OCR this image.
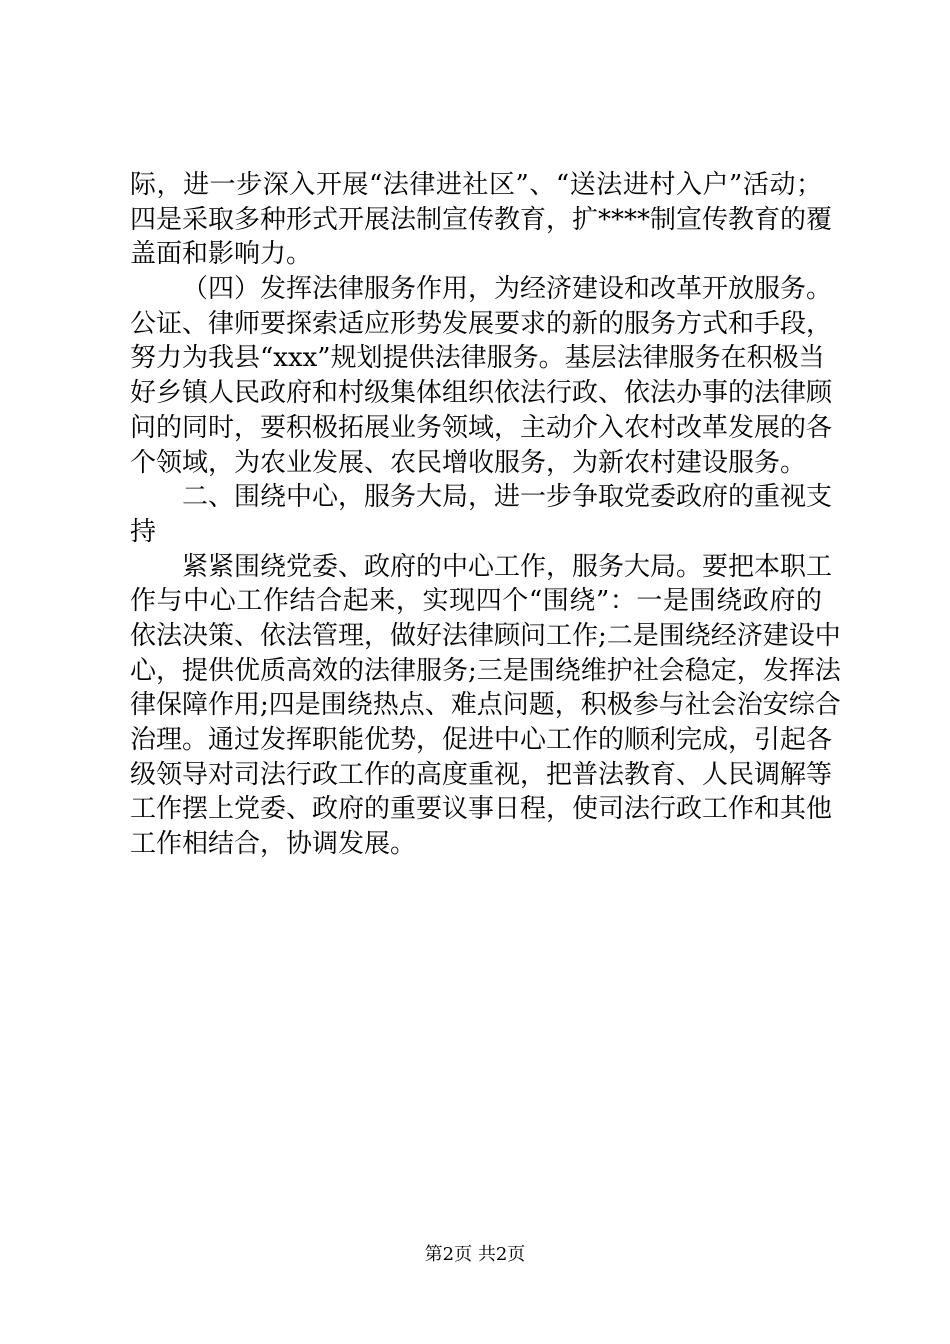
际，进一步深入开展“法律进社区”、“送法进村入户”活动；
四是采取多种形式开展法制宣传教育，扩****制宣传教育的覆
盖面和影响力。
（四）发挥法律服务作用，为经济建设和改革开放服务。
公证、律师要探索适应形势发展要求的新的服务方式和手段，
努力为我县“xxx”规划提供法律服务。基层法律服务在积极当
好乡镇人民政府和村级集体组织依法行政、依法办事的法律顾
问的同时，要积极拓展业务领域，主动介入农村改革发展的各
个领域，为农业发展、农民增收服务，为新农村建设服务。
二、围绕中心，服务大局，进一步争取党委政府的重视支
持
紧紧围绕党委、政府的中心工作，服务大局。要把本职工
作与中心工作结合起来，实现四个“围绕”：一是围绕政府的
依法决策、依法管理，做好法律顾问工作;二是围绕经济建设中
心，提供优质高效的法律服务;三是围绕维护社会稳定，发挥法
律保障作用;四是围绕热点、难点问题，积极参与社会治安综合
治理。通过发挥职能优势，促进中心工作的顺利完成，引起各
级领导对司法行政工作的高度重视，把普法教育、人民调解等
工作摆上党委、政府的重要议事日程，使司法行政工作和其他
工作相结合，协调发展。
第2页 共2页
